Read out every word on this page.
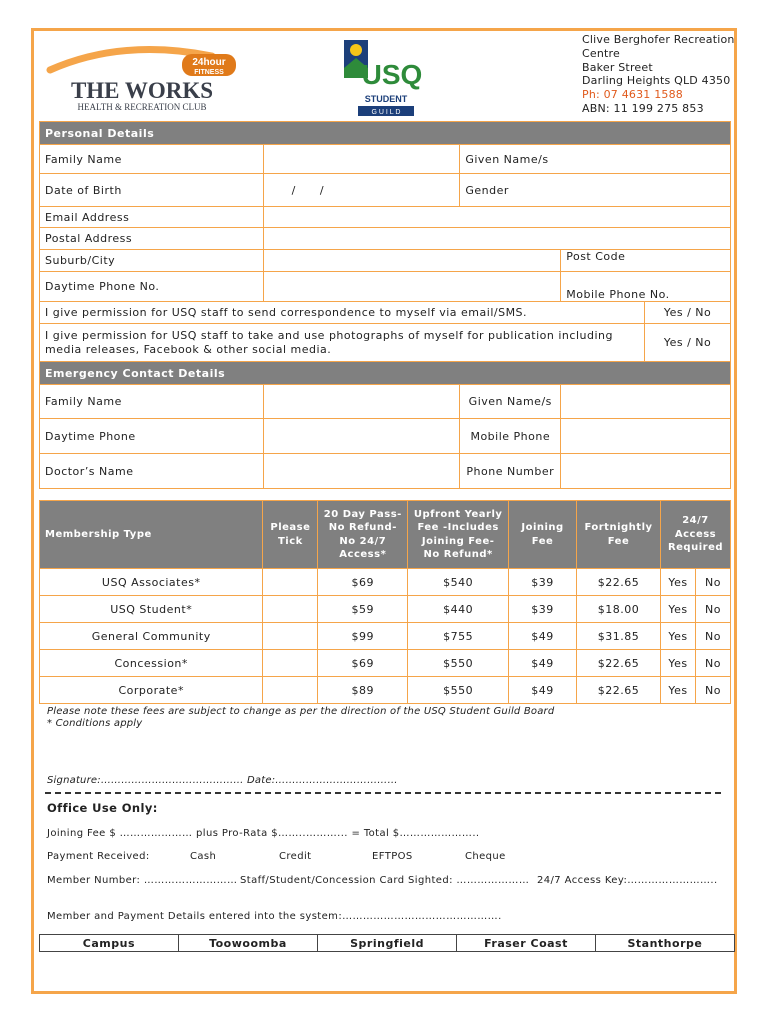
24hour
FITNESS
THE WORKS
HEALTH & RECREATION CLUB
USQ
STUDENT
G U I L D
Clive Berghofer Recreation
Centre
Baker Street
Darling Heights QLD 4350
Ph: 07 4631 1588
ABN: 11 199 275 853
Personal Details				
Family Name		Given Name/s		
Date of Birth	/      /	Gender		
Email Address				
Postal Address				
Suburb/City			Post Code	
Daytime Phone No.			Mobile Phone No.	
I give permission for USQ staff to send correspondence to myself via email/SMS.				Yes / No
I give permission for USQ staff to take and use photographs of myself for publication including media releases, Facebook & other social media.				Yes / No
Emergency Contact Details				
Family Name		Given Name/s		
Daytime Phone		Mobile Phone		
Doctor’s Name		Phone Number		
Membership Type	Please Tick	20 Day Pass- No Refund-No 24/7 Access*	Upfront Yearly Fee -Includes Joining Fee- No Refund*	Joining Fee	Fortnightly Fee	24/7 Access Required	
USQ Associates*		$69	$540	$39	$22.65	Yes	No
USQ Student*		$59	$440	$39	$18.00	Yes	No
General Community		$99	$755	$49	$31.85	Yes	No
Concession*		$69	$550	$49	$22.65	Yes	No
Corporate*		$89	$550	$49	$22.65	Yes	No
Please note these fees are subject to change as per the direction of the USQ Student Guild Board
* Conditions apply
Signature:…………………………………… Date:………………………………
Office Use Only:
Joining Fee $ ………………… plus Pro-Rata $……..………... = Total $…………………..
Payment Received:	Cash	Credit	EFTPOS	Cheque
Member Number: ……………………… Staff/Student/Concession Card Sighted: ………………… 24/7 Access Key:……………………..
Member and Payment Details entered into the system:……………………………………….
Campus	Toowoomba	Springfield	Fraser Coast	Stanthorpe
